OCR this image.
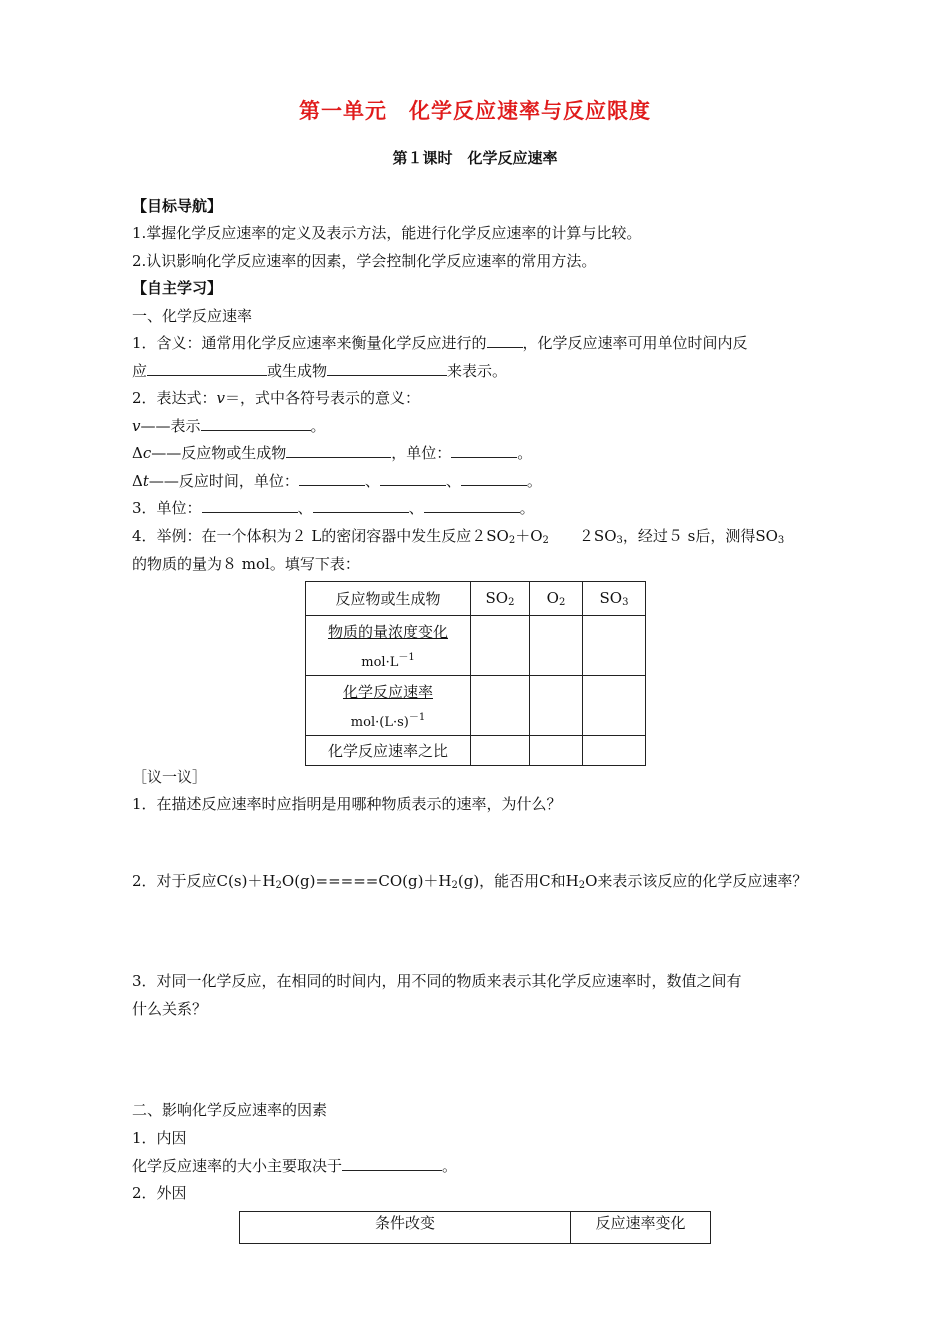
第一单元　化学反应速率与反应限度
第１课时　化学反应速率
【目标导航】
1.掌握化学反应速率的定义及表示方法，能进行化学反应速率的计算与比较。
2.认识影响化学反应速率的因素，学会控制化学反应速率的常用方法。
【自主学习】
一、化学反应速率
1．含义：通常用化学反应速率来衡量化学反应进行的 ，化学反应速率可用单位时间内反
应	或生成物	来表示。
2．表达式：v＝，式中各符号表示的意义：
v——表示	。
Δc——反应物或生成物	，单位：	。
Δt——反应时间，单位：	、	、	。
3．单位：	、	、	。
4．举例：在一个体积为２ L的密闭容器中发生反应$2SO_2+O_2$　　$2SO_3$，经过５ s后，测得$SO_3$
的物质的量为８ mol。填写下表：
反应物或生成物	$SO_2$	$O_2$	$SO_3$
物质的量浓度变化
$mol\cdot L^{-1}$

化学反应速率
$mol\cdot(L\cdot s)^{-1}$

化学反应速率之比			
［议一议］
1．在描述反应速率时应指明是用哪种物质表示的速率，为什么？
2．对于反应$C(s)+H_2O(g)=====CO(g)+H_2(g)$，能否用C和$H_2O$来表示该反应的化学反应速率？
3．对同一化学反应，在相同的时间内，用不同的物质来表示其化学反应速率时，数值之间有
什么关系？
二、影响化学反应速率的因素
1．内因
化学反应速率的大小主要取决于	。
2．外因
条件改变	反应速率变化
